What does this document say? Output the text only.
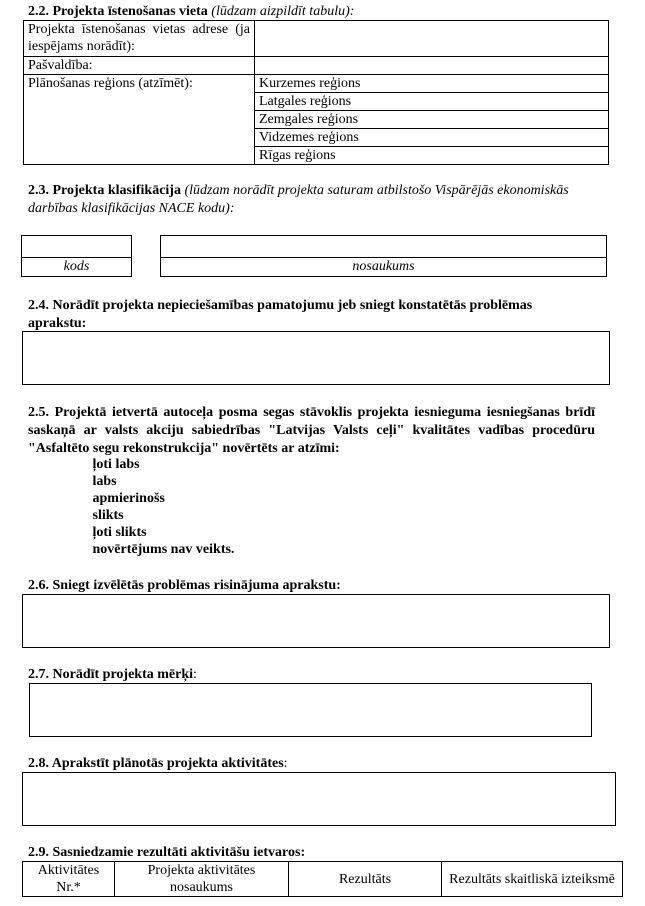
2.2. Projekta īstenošanas vieta (lūdzam aizpildīt tabulu):
Projekta īstenošanas vietas adrese (ja iespējams norādīt):	
Pašvaldība:	
Plānošanas reģions (atzīmēt):	Kurzemes reģions
	Latgales reģions
	Zemgales reģions
	Vidzemes reģions
	Rīgas reģions
2.3. Projekta klasifikācija (lūdzam norādīt projekta saturam atbilstošo Vispārējās ekonomiskās darbības klasifikācijas NACE kodu):
kods	nosaukums
2.4. Norādīt projekta nepieciešamības pamatojumu jeb sniegt konstatētās problēmas aprakstu:
2.5. Projektā ietvertā autoceļa posma segas stāvoklis projekta iesnieguma iesniegšanas brīdī saskaņā ar valsts akciju sabiedrības "Latvijas Valsts ceļi" kvalitātes vadības procedūru "Asfaltēto segu rekonstrukcija" novērtēts ar atzīmi:
ļoti labs
labs
apmierinošs
slikts
ļoti slikts
novērtējums nav veikts.
2.6. Sniegt izvēlētās problēmas risinājuma aprakstu:
2.7. Norādīt projekta mērķi:
2.8. Aprakstīt plānotās projekta aktivitātes:
2.9. Sasniedzamie rezultāti aktivitāšu ietvaros:
Aktivitātes Nr.*	Projekta aktivitātes nosaukums	Rezultāts	Rezultāts skaitliskā izteiksmē
